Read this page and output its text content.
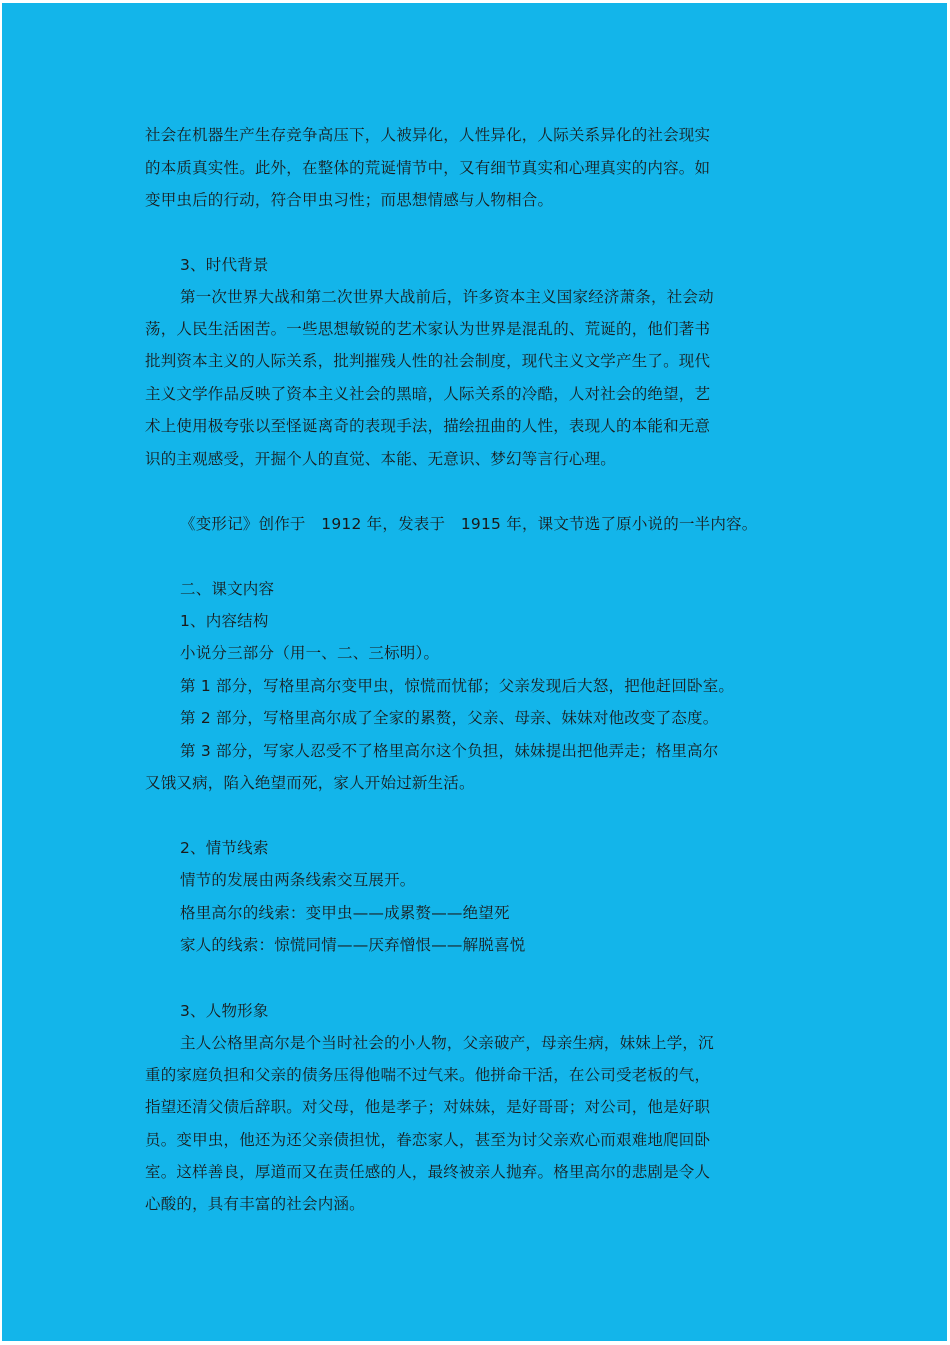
社会在机器生产生存竞争高压下，人被异化，人性异化，人际关系异化的社会现实
的本质真实性。此外，在整体的荒诞情节中，又有细节真实和心理真实的内容。如
变甲虫后的行动，符合甲虫习性；而思想情感与人物相合。
3、时代背景
第一次世界大战和第二次世界大战前后，许多资本主义国家经济萧条，社会动
荡，人民生活困苦。一些思想敏锐的艺术家认为世界是混乱的、荒诞的，他们著书
批判资本主义的人际关系，批判摧残人性的社会制度，现代主义文学产生了。现代
主义文学作品反映了资本主义社会的黑暗，人际关系的冷酷，人对社会的绝望，艺
术上使用极夸张以至怪诞离奇的表现手法，描绘扭曲的人性，表现人的本能和无意
识的主观感受，开掘个人的直觉、本能、无意识、梦幻等言行心理。
《变形记》创作于　1912 年，发表于　1915 年，课文节选了原小说的一半内容。
二、课文内容
1、内容结构
小说分三部分（用一、二、三标明）。
第 1 部分，写格里高尔变甲虫，惊慌而忧郁；父亲发现后大怒，把他赶回卧室。
第 2 部分，写格里高尔成了全家的累赘，父亲、母亲、妹妹对他改变了态度。
第 3 部分，写家人忍受不了格里高尔这个负担，妹妹提出把他弄走；格里高尔
又饿又病，陷入绝望而死，家人开始过新生活。
2、情节线索
情节的发展由两条线索交互展开。
格里高尔的线索：变甲虫——成累赘——绝望死
家人的线索：惊慌同情——厌弃憎恨——解脱喜悦
3、人物形象
主人公格里高尔是个当时社会的小人物，父亲破产，母亲生病，妹妹上学，沉
重的家庭负担和父亲的债务压得他喘不过气来。他拼命干活，在公司受老板的气，
指望还清父债后辞职。对父母，他是孝子；对妹妹，是好哥哥；对公司，他是好职
员。变甲虫，他还为还父亲债担忧，眷恋家人，甚至为讨父亲欢心而艰难地爬回卧
室。这样善良，厚道而又在责任感的人，最终被亲人抛弃。格里高尔的悲剧是令人
心酸的，具有丰富的社会内涵。
